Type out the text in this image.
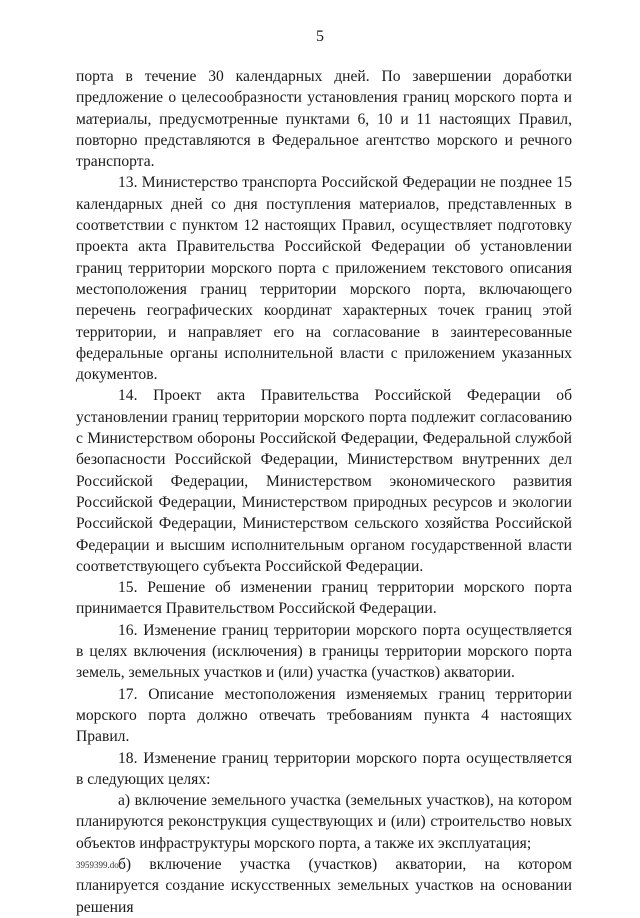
5

порта в течение 30 календарных дней. По завершении доработки предложение о целесообразности установления границ морского порта и материалы, предусмотренные пунктами 6, 10 и 11 настоящих Правил, повторно представляются в Федеральное агентство морского и речного транспорта.

13. Министерство транспорта Российской Федерации не позднее 15 календарных дней со дня поступления материалов, представленных в соответствии с пунктом 12 настоящих Правил, осуществляет подготовку проекта акта Правительства Российской Федерации об установлении границ территории морского порта с приложением текстового описания местоположения границ территории морского порта, включающего перечень географических координат характерных точек границ этой территории, и направляет его на согласование в заинтересованные федеральные органы исполнительной власти с приложением указанных документов.

14. Проект акта Правительства Российской Федерации об установлении границ территории морского порта подлежит согласованию с Министерством обороны Российской Федерации, Федеральной службой безопасности Российской Федерации, Министерством внутренних дел Российской Федерации, Министерством экономического развития Российской Федерации, Министерством природных ресурсов и экологии Российской Федерации, Министерством сельского хозяйства Российской Федерации и высшим исполнительным органом государственной власти соответствующего субъекта Российской Федерации.

15. Решение об изменении границ территории морского порта принимается Правительством Российской Федерации.

16. Изменение границ территории морского порта осуществляется в целях включения (исключения) в границы территории морского порта земель, земельных участков и (или) участка (участков) акватории.

17. Описание местоположения изменяемых границ территории морского порта должно отвечать требованиям пункта 4 настоящих Правил.

18. Изменение границ территории морского порта осуществляется в следующих целях:

а) включение земельного участка (земельных участков), на котором планируются реконструкция существующих и (или) строительство новых объектов инфраструктуры морского порта, а также их эксплуатация;

б) включение участка (участков) акватории, на котором планируется создание искусственных земельных участков на основании решения

3959399.doc
